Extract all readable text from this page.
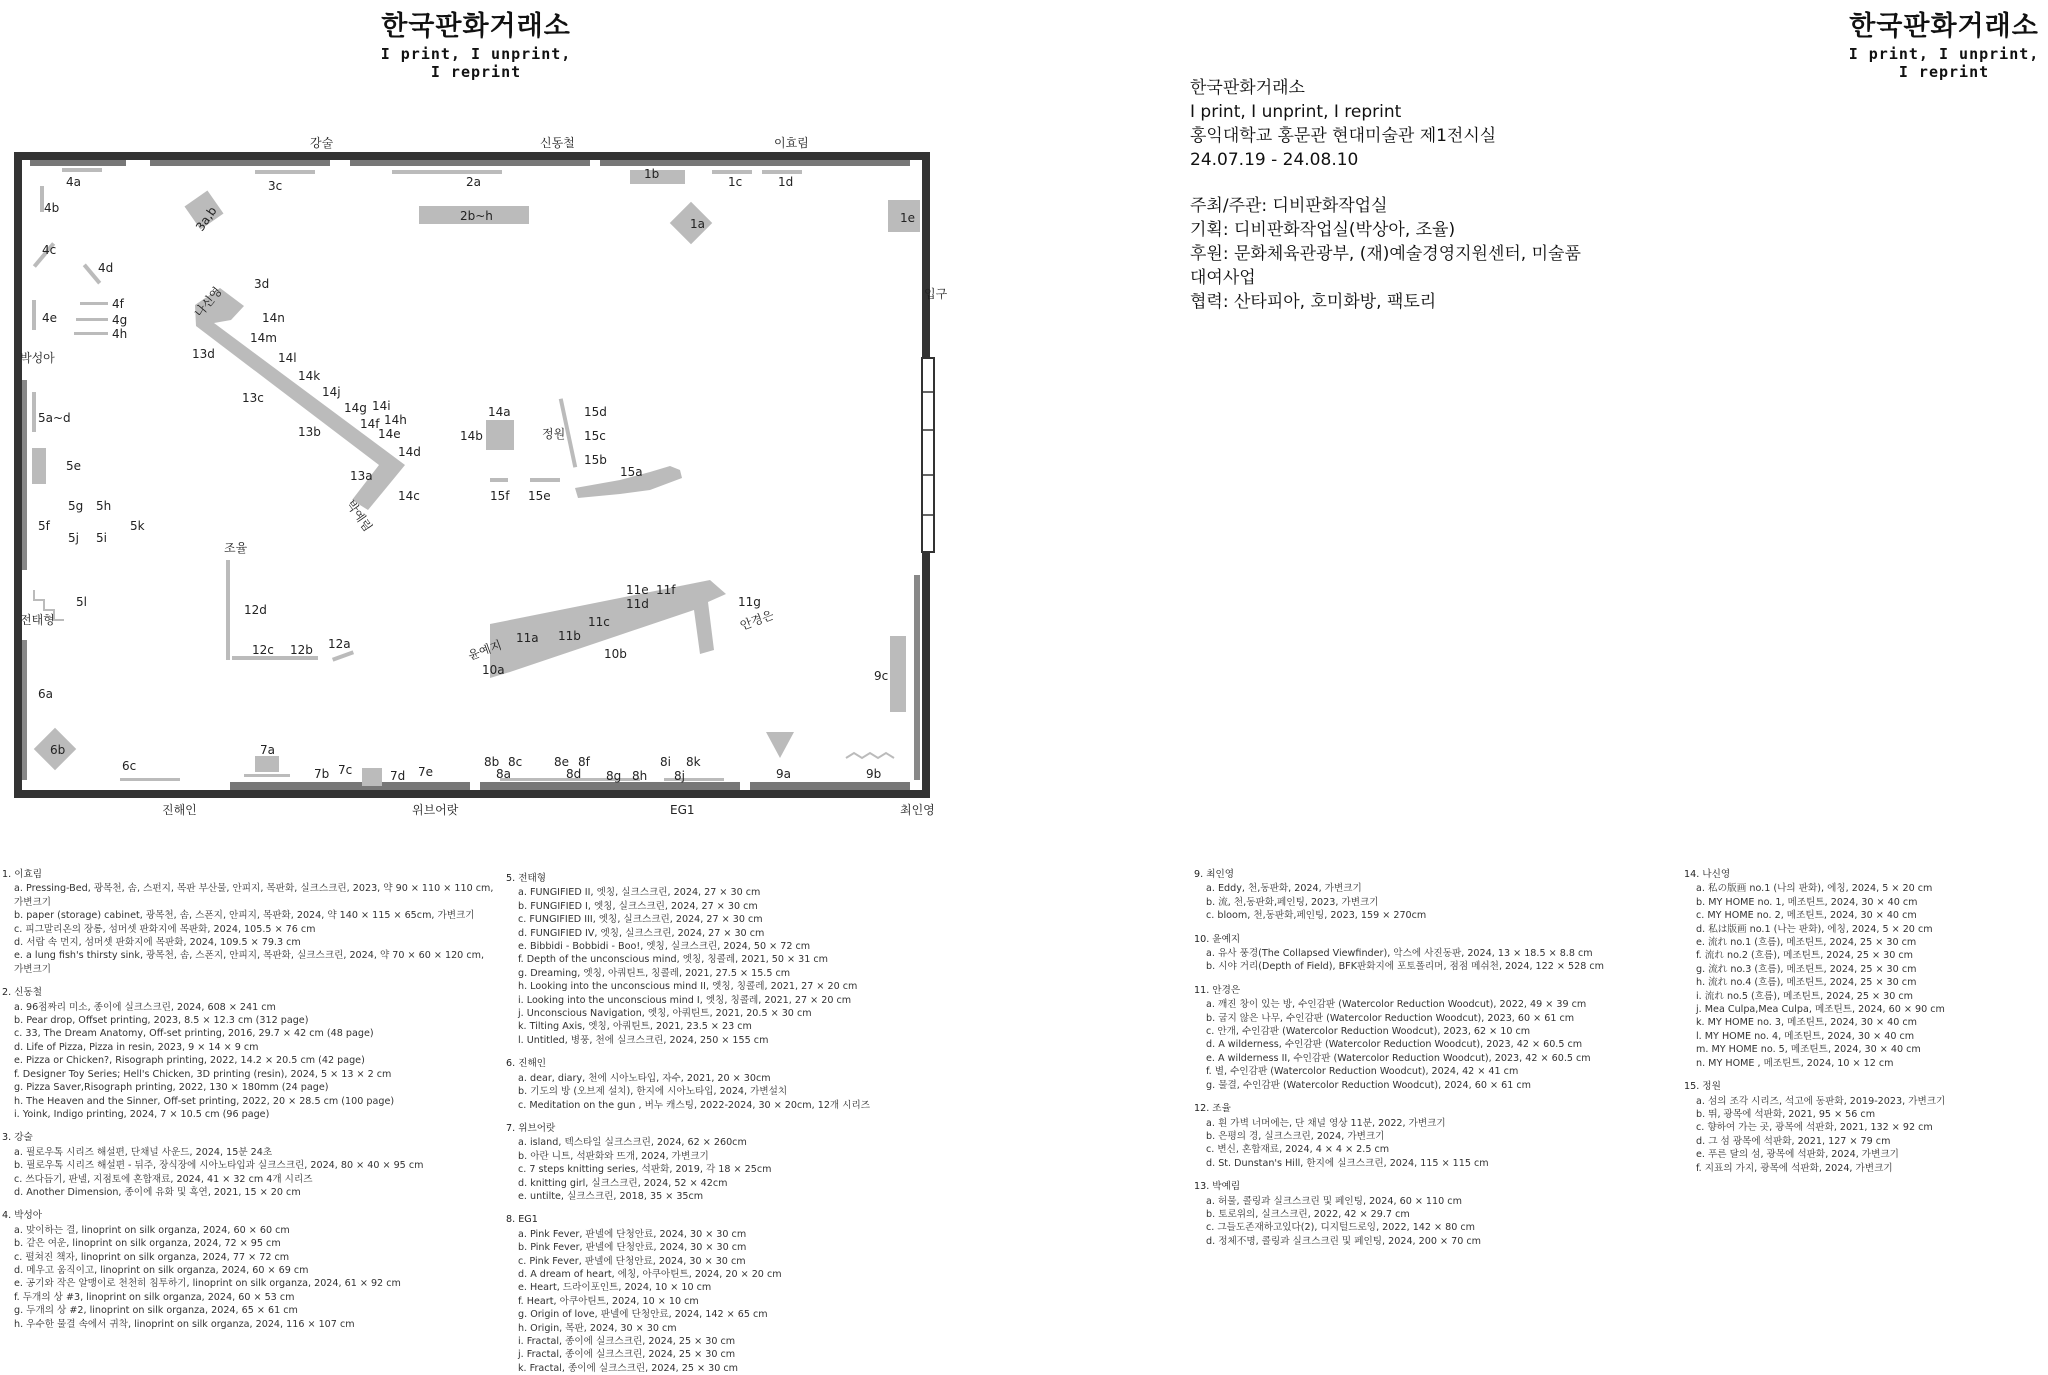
한국판화거래소
I print, I unprint, I reprint
한국판화거래소
I print, I unprint, I reprint
한국판화거래소
I print, I unprint, I reprint
홍익대학교 홍문관 현대미술관 제1전시실
24.07.19 - 24.08.10
주최/주관: 디비판화작업실
기획: 디비판화작업실(박상아, 조율)
후원: 문화체육관광부, (재)예술경영지원센터, 미술품
대여사업
협력: 산타피아, 호미화방, 팩토리
강술	신동철	이효림
박성아
나신영
정원
박예림
조율
전태형
윤예지
안경은
진해인	위브어랏	EG1	최인영
입구
4a	3c	2a
1b
1c	1d
4b	3a,b	2b~h
1a	1e
4c
4d
3d
4f
4e	4g
4h
14n
14m
13d	14l
14k
13c	14j
14g 14i
14f 14h
14e
5a~d
13b
14d
14a	15d
14b	15c
15b
5e
13a	15a
14c	15f 15e
5g 5h
5f	5k
5j 5i
12d
11e 11f
11d
5l	11g
11c
12c 12b 12a	11a 11b
10b
10a	9c
6a
6b	7a
6c
7b 7c	7d 7e
8b 8c	8e 8f	8i 8k
8a	8d 8g 8h 8j	9a	9b
1. 이효림
a. Pressing-Bed, 광목천, 솜, 스펀지, 목판 부산물, 안피지, 목판화, 실크스크린, 2023, 약 90 × 110 × 110 cm,
가변크기
b. paper (storage) cabinet, 광목천, 솜, 스폰지, 안피지, 목판화, 2024, 약 140 × 115 × 65cm, 가변크기
c. 피그말리온의 장롱, 섬머셋 판화지에 목판화, 2024, 105.5 × 76 cm
d. 서랍 속 먼지, 섬머셋 판화지에 목판화, 2024, 109.5 × 79.3 cm
e. a lung fish's thirsty sink, 광목천, 솜, 스폰지, 안피지, 목판화, 실크스크린, 2024, 약 70 × 60 × 120 cm,
가변크기
2. 신동철
a. 96점짜리 미소, 종이에 실크스크린, 2024, 608 × 241 cm
b. Pear drop, Offset printing, 2023, 8.5 × 12.3 cm (312 page)
c. 33, The Dream Anatomy, Off-set printing, 2016, 29.7 × 42 cm (48 page)
d. Life of Pizza, Pizza in resin, 2023, 9 × 14 × 9 cm
e. Pizza or Chicken?, Risograph printing, 2022, 14.2 × 20.5 cm (42 page)
f. Designer Toy Series; Hell's Chicken, 3D printing (resin), 2024, 5 × 13 × 2 cm
g. Pizza Saver,Risograph printing, 2022, 130 × 180mm (24 page)
h. The Heaven and the Sinner, Off-set printing, 2022, 20 × 28.5 cm (100 page)
i. Yoink, Indigo printing, 2024, 7 × 10.5 cm (96 page)
3. 강술
a. 필로우톡 시리즈 해설편, 단채널 사운드, 2024, 15분 24초
b. 필로우톡 시리즈 해설편 - 뒤주, 장식장에 시아노타입과 실크스크린, 2024, 80 × 40 × 95 cm
c. 쓰다듬기, 판넬, 지점토에 혼합재료, 2024, 41 × 32 cm 4개 시리즈
d. Another Dimension, 종이에 유화 및 흑연, 2021, 15 × 20 cm
4. 박성아
a. 맞이하는 결, linoprint on silk organza, 2024, 60 × 60 cm
b. 같은 여운, linoprint on silk organza, 2024, 72 × 95 cm
c. 펼쳐진 책자, linoprint on silk organza, 2024, 77 × 72 cm
d. 메우고 움직이고, linoprint on silk organza, 2024, 60 × 69 cm
e. 공기와 작은 알맹이로 천천히 침투하기, linoprint on silk organza, 2024, 61 × 92 cm
f. 두개의 상 #3, linoprint on silk organza, 2024, 60 × 53 cm
g. 두개의 상 #2, linoprint on silk organza, 2024, 65 × 61 cm
h. 우수한 물결 속에서 귀착, linoprint on silk organza, 2024, 116 × 107 cm
5. 전태형
a. FUNGIFIED II, 엣칭, 실크스크린, 2024, 27 × 30 cm
b. FUNGIFIED I, 엣칭, 실크스크린, 2024, 27 × 30 cm
c. FUNGIFIED III, 엣칭, 실크스크린, 2024, 27 × 30 cm
d. FUNGIFIED IV, 엣칭, 실크스크린, 2024, 27 × 30 cm
e. Bibbidi - Bobbidi - Boo!, 엣칭, 실크스크린, 2024, 50 × 72 cm
f. Depth of the unconscious mind, 엣칭, 칭콜레, 2021, 50 × 31 cm
g. Dreaming, 엣칭, 아쿼틴트, 칭콜레, 2021, 27.5 × 15.5 cm
h. Looking into the unconscious mind II, 엣칭, 칭콜레, 2021, 27 × 20 cm
i. Looking into the unconscious mind I, 엣칭, 칭콜레, 2021, 27 × 20 cm
j. Unconscious Navigation, 엣칭, 아쿼틴트, 2021, 20.5 × 30 cm
k. Tilting Axis, 엣칭, 아쿼틴트, 2021, 23.5 × 23 cm
l. Untitled, 병풍, 천에 실크스크린, 2024, 250 × 155 cm
6. 진해인
a. dear, diary, 천에 시아노타입, 자수, 2021, 20 × 30cm
b. 기도의 방 (오브제 설치), 한지에 시아노타입, 2024, 가변설치
c. Meditation on the gun , 버누 캐스팅, 2022-2024, 30 × 20cm, 12개 시리즈
7. 위브어랏
a. island, 텍스타일 실크스크린, 2024, 62 × 260cm
b. 아란 니트, 석판화와 뜨개, 2024, 가변크기
c. 7 steps knitting series, 석판화, 2019, 각 18 × 25cm
d. knitting girl, 실크스크린, 2024, 52 × 42cm
e. untilte, 실크스크린, 2018, 35 × 35cm
8. EG1
a. Pink Fever, 판넬에 단청안료, 2024, 30 × 30 cm
b. Pink Fever, 판넬에 단청안료, 2024, 30 × 30 cm
c. Pink Fever, 판넬에 단청안료, 2024, 30 × 30 cm
d. A dream of heart, 에칭, 아쿠아틴트, 2024, 20 × 20 cm
e. Heart, 드라이포인트, 2024, 10 × 10 cm
f. Heart, 아쿠아틴트, 2024, 10 × 10 cm
g. Origin of love, 판넬에 단청안료, 2024, 142 × 65 cm
h. Origin, 목판, 2024, 30 × 30 cm
i. Fractal, 종이에 실크스크린, 2024, 25 × 30 cm
j. Fractal, 종이에 실크스크린, 2024, 25 × 30 cm
k. Fractal, 종이에 실크스크린, 2024, 25 × 30 cm
9. 최인영
a. Eddy, 천,동판화, 2024, 가변크기
b. 流, 천,동판화,페인팅, 2023, 가변크기
c. bloom, 천,동판화,페인팅, 2023, 159 × 270cm
10. 윤예지
a. 유사 풍경(The Collapsed Viewfinder), 악스에 사진동판, 2024, 13 × 18.5 × 8.8 cm
b. 시야 거리(Depth of Field), BFK판화지에 포토폴리머, 점점 메쉬천, 2024, 122 × 528 cm
11. 안경은
a. 깨진 창이 있는 방, 수인감판 (Watercolor Reduction Woodcut), 2022, 49 × 39 cm
b. 굽지 않은 나무, 수인감판 (Watercolor Reduction Woodcut), 2023, 60 × 61 cm
c. 안개, 수인감판 (Watercolor Reduction Woodcut), 2023, 62 × 10 cm
d. A wilderness, 수인감판 (Watercolor Reduction Woodcut), 2023, 42 × 60.5 cm
e. A wilderness II, 수인감판 (Watercolor Reduction Woodcut), 2023, 42 × 60.5 cm
f. 별, 수인감판 (Watercolor Reduction Woodcut), 2024, 42 × 41 cm
g. 물결, 수인감판 (Watercolor Reduction Woodcut), 2024, 60 × 61 cm
12. 조율
a. 흰 가벽 너머에는, 단 채널 영상 11분, 2022, 가변크기
b. 은평의 경, 실크스크린, 2024, 가변크기
c. 변신, 혼합재료, 2024, 4 × 4 × 2.5 cm
d. St. Dunstan's Hill, 한지에 실크스크린, 2024, 115 × 115 cm
13. 박예림
a. 허물, 콜링과 실크스크린 및 페인팅, 2024, 60 × 110 cm
b. 토로위의, 실크스크린, 2022, 42 × 29.7 cm
c. 그들도존재하고있다(2), 디지털드로잉, 2022, 142 × 80 cm
d. 정체不명, 콜링과 실크스크린 및 페인팅, 2024, 200 × 70 cm
14. 나신영
a. 私の版画 no.1 (나의 판화), 에칭, 2024, 5 × 20 cm
b. MY HOME no. 1, 메조틴트, 2024, 30 × 40 cm
c. MY HOME no. 2, 메조틴트, 2024, 30 × 40 cm
d. 私は版画 no.1 (나는 판화), 에칭, 2024, 5 × 20 cm
e. 流れ no.1 (흐름), 메조틴트, 2024, 25 × 30 cm
f. 流れ no.2 (흐름), 메조틴트, 2024, 25 × 30 cm
g. 流れ no.3 (흐름), 메조틴트, 2024, 25 × 30 cm
h. 流れ no.4 (흐름), 메조틴트, 2024, 25 × 30 cm
i. 流れ no.5 (흐름), 메조틴트, 2024, 25 × 30 cm
j. Mea Culpa,Mea Culpa, 메조틴트, 2024, 60 × 90 cm
k. MY HOME no. 3, 메조틴트, 2024, 30 × 40 cm
l. MY HOME no. 4, 메조틴트, 2024, 30 × 40 cm
m. MY HOME no. 5, 메조틴트, 2024, 30 × 40 cm
n. MY HOME , 메조틴트, 2024, 10 × 12 cm
15. 정원
a. 섬의 조각 시리즈, 석고에 동판화, 2019-2023, 가변크기
b. 뛰, 광목에 석판화, 2021, 95 × 56 cm
c. 향하여 가는 곳, 광목에 석판화, 2021, 132 × 92 cm
d. 그 섬 광목에 석판화, 2021, 127 × 79 cm
e. 푸른 달의 섬, 광목에 석판화, 2024, 가변크기
f. 지표의 가지, 광목에 석판화, 2024, 가변크기
